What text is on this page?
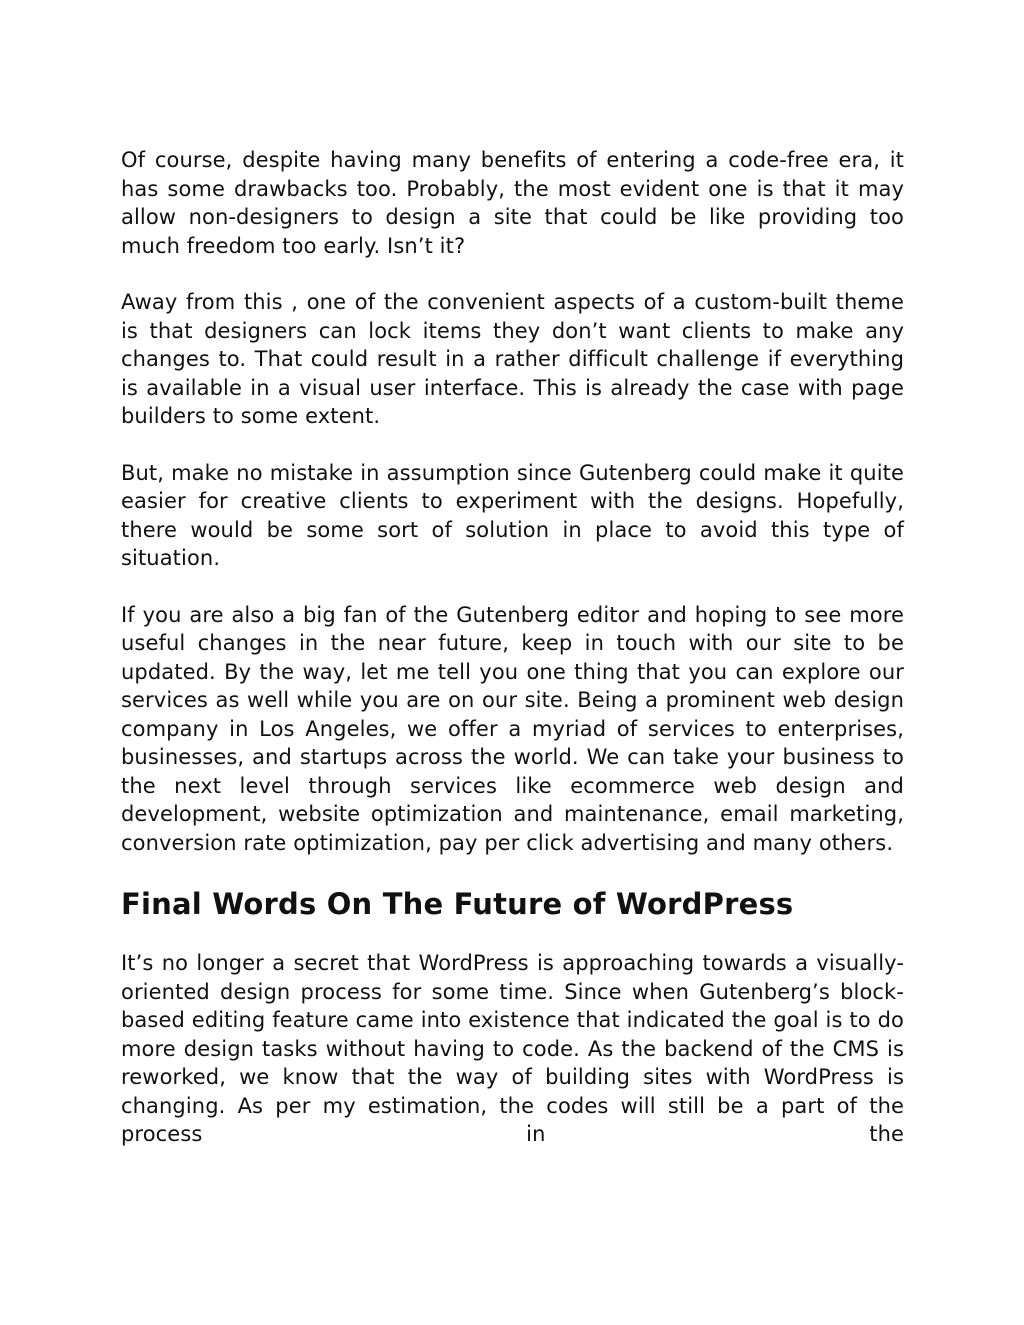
Of course, despite having many benefits of entering a code-free era, it has some drawbacks too. Probably, the most evident one is that it may allow non-designers to design a site that could be like providing too much freedom too early. Isn’t it?

Away from this , one of the convenient aspects of a custom-built theme is that designers can lock items they don’t want clients to make any changes to. That could result in a rather difficult challenge if everything is available in a visual user interface. This is already the case with page builders to some extent.

But, make no mistake in assumption since Gutenberg could make it quite easier for creative clients to experiment with the designs. Hopefully, there would be some sort of solution in place to avoid this type of situation.

If you are also a big fan of the Gutenberg editor and hoping to see more useful changes in the near future, keep in touch with our site to be updated. By the way, let me tell you one thing that you can explore our services as well while you are on our site. Being a prominent web design company in Los Angeles, we offer a myriad of services to enterprises, businesses, and startups across the world. We can take your business to the next level through services like ecommerce web design and development, website optimization and maintenance, email marketing, conversion rate optimization, pay per click advertising and many others.

Final Words On The Future of WordPress

It’s no longer a secret that WordPress is approaching towards a visually-oriented design process for some time. Since when Gutenberg’s block-based editing feature came into existence that indicated the goal is to do more design tasks without having to code. As the backend of the CMS is reworked, we know that the way of building sites with WordPress is changing. As per my estimation, the codes will still be a part of the process in the
